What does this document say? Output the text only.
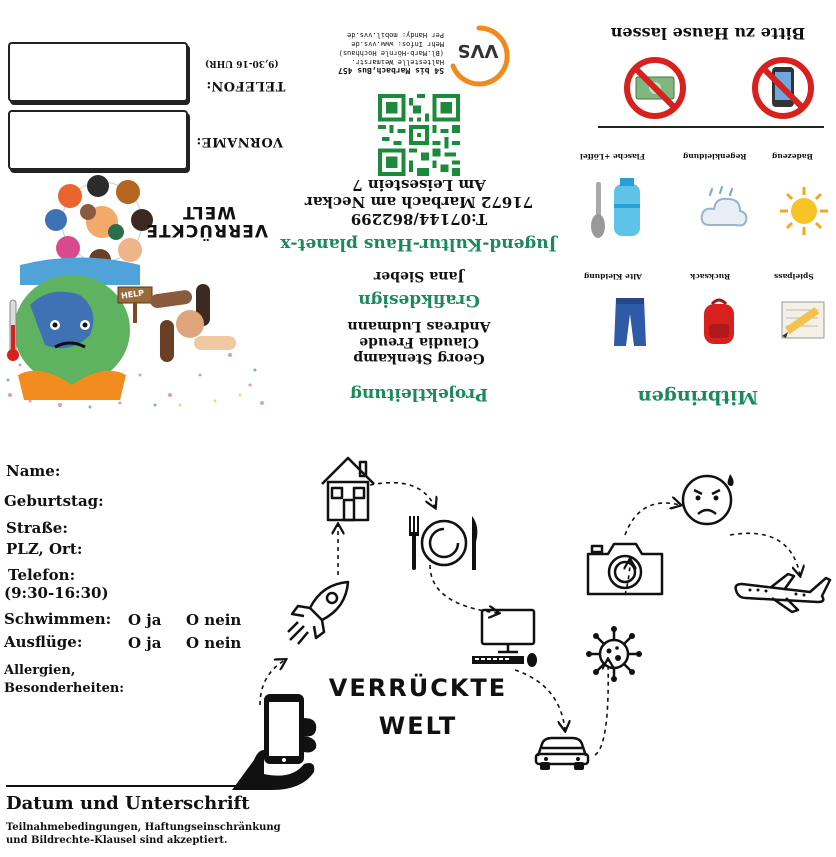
TELEFON:
(9,30-16 UHR)
VORNAME:
VERRÜCKTE
WELT
HELP
VVS
S4 bis Marbach,Bus 457
Haltestelle Weimarstr.
(Bl.Marb-Hörnle Hochhaus)
Mehr Infos: www.vvs.de
Per Handy: mobil.vvs.de
T:07144/862299
71672 Marbach am Neckar
Am Leisestein 7
Jugend-Kultur-Haus planet-x
Jana Sieber
Grafikdesign
Georg Stenkamp
Claudia Freude
Andreas Ludmann
Projektleitung
Bitte zu Hause lassen
Badezeug
Regenkleidung
Flasche +Löffel
Spielpass
Rucksack
Alte Kleidung
Mitbringen
Name:
Geburtstag:
Straße:
PLZ, Ort:
Telefon:
(9:30-16:30)
Schwimmen: O ja O nein
Ausflüge:	O ja O nein
Allergien,
Besonderheiten:
Datum und Unterschrift
Teilnahmebedingungen, Haftungseinschränkung
und Bildrechte-Klausel sind akzeptiert.
VERRÜCKTE
WELT
